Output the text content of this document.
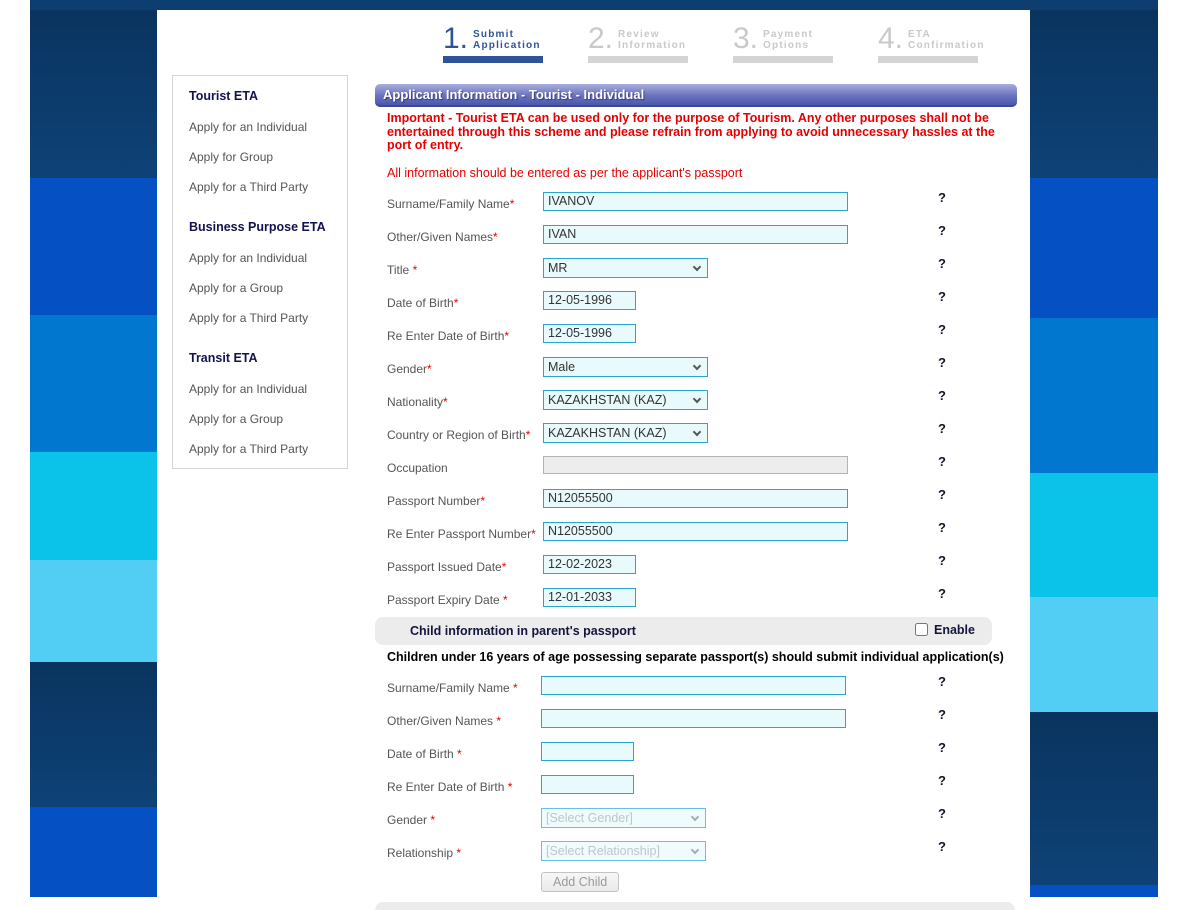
1. Submit
Application 2. Review
Information 3. Payment
Options 4. ETA
Confirmation
Tourist ETA
Apply for an Individual
Apply for Group
Apply for a Third Party
Business Purpose ETA
Apply for an Individual
Apply for a Group
Apply for a Third Party
Transit ETA
Apply for an Individual
Apply for a Group
Apply for a Third Party
Applicant Information - Tourist - Individual
Important - Tourist ETA can be used only for the purpose of Tourism. Any other purposes shall not be entertained through this scheme and please refrain from applying to avoid unnecessary hassles at the port of entry.
All information should be entered as per the applicant's passport
Surname/Family Name*
IVANOV	?
Other/Given Names*
IVAN	?
Title *
MR	?
Date of Birth*
12-05-1996	?
Re Enter Date of Birth*
12-05-1996	?
Gender*
Male	?
Nationality*
KAZAKHSTAN (KAZ)	?
Country or Region of Birth*
KAZAKHSTAN (KAZ)	?
Occupation	?
Passport Number*
N12055500	?
Re Enter Passport Number*
N12055500	?
Passport Issued Date*
12-02-2023	?
Passport Expiry Date *
12-01-2033	?
Child information in parent's passport	Enable
Children under 16 years of age possessing separate passport(s) should submit individual application(s)
Surname/Family Name *	?
Other/Given Names *	?
Date of Birth *	?
Re Enter Date of Birth *	?
Gender *
[Select Gender]	?
Relationship *
[Select Relationship]	?
Add Child
